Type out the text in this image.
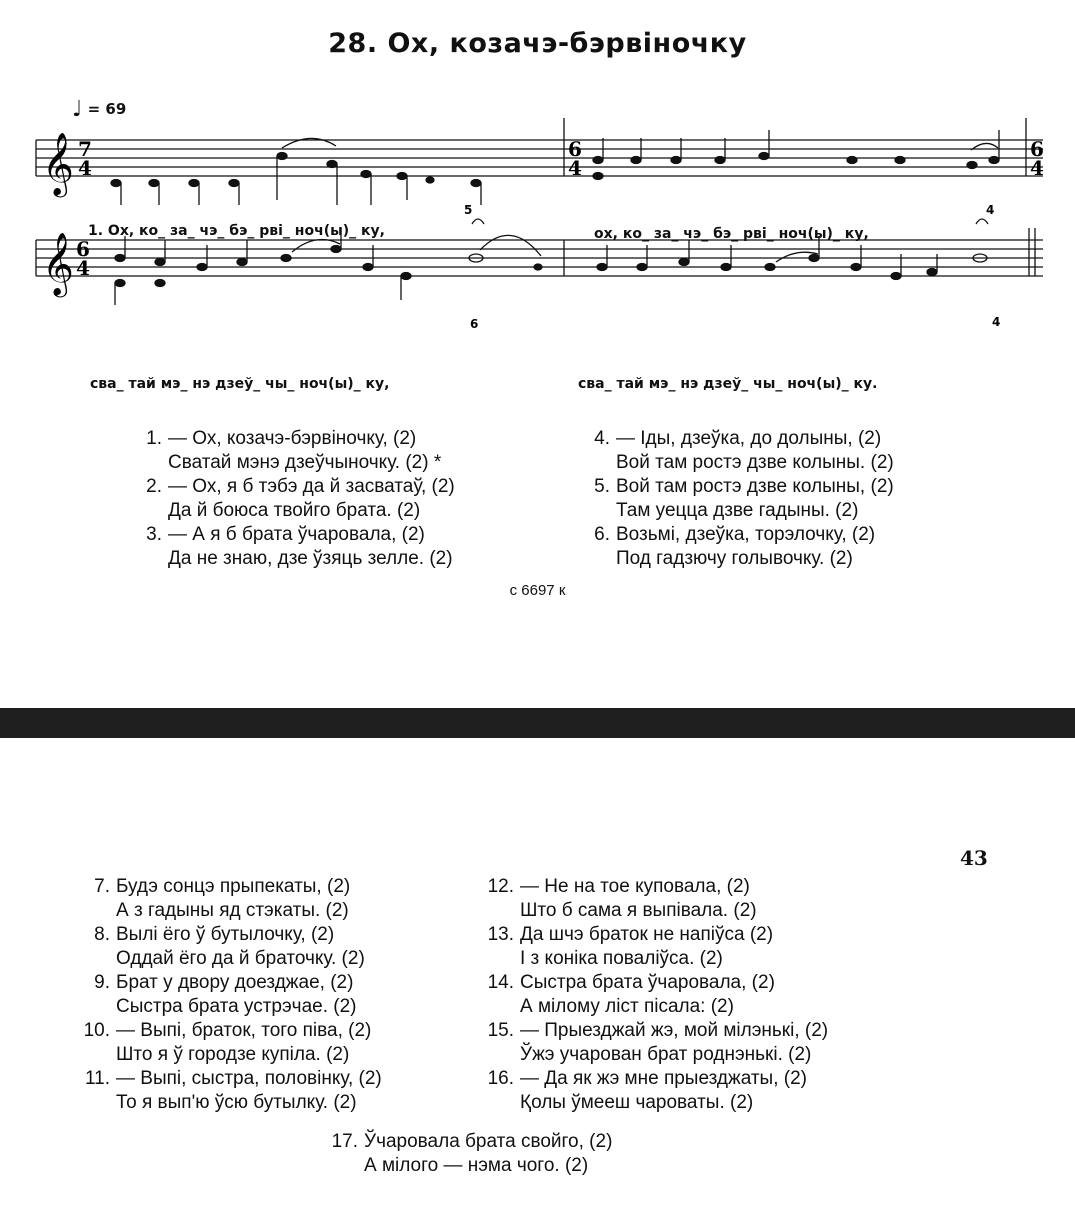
28. Ох, козачэ-бэрвіночку
♩ = 69
𝄞 7
4
6
4
6
4
1. Ох, ко_ за_ чэ_ бэ_ рві_ ноч(ы)_ ку,	ох, ко_ за_ чэ_ бэ_ рві_ ноч(ы)_ ку,
𝄞 6
4
5
6
4
4
сва_ тай мэ_ нэ дзеў_ чы_ ноч(ы)_ ку,	сва_ тай мэ_ нэ дзеў_ чы_ ноч(ы)_ ку.
1. — Ох, козачэ-бэрвіночку, (2)
Сватай мэнэ дзеўчыночку. (2) *
2. — Ох, я б тэбэ да й засватаў, (2)
Да й боюса твойго брата. (2)
3. — А я б брата ўчаровала, (2)
Да не знаю, дзе ўзяць зелле. (2)
4. — Іды, дзеўка, до долыны, (2)
Вой там ростэ дзве колыны. (2)
5. Вой там ростэ дзве колыны, (2)
Там уецца дзве гадыны. (2)
6. Возьмі, дзеўка, торэлочку, (2)
Под гадзючу голывочку. (2)
с 6697 к
43
7. Будэ сонцэ прыпекаты, (2)
А з гадыны яд стэкаты. (2)
8. Вылі ёго ў бутылочку, (2)
Оддай ёго да й браточку. (2)
9. Брат у двору доезджае, (2)
Сыстра брата устрэчае. (2)
10. — Выпі, браток, того піва, (2)
Што я ў городзе купіла. (2)
11. — Выпі, сыстра, половінку, (2)
То я вып'ю ўсю бутылку. (2)
12. — Не на тое куповала, (2)
Што б сама я выпівала. (2)
13. Да шчэ браток не напіўса (2)
І з коніка поваліўса. (2)
14. Сыстра брата ўчаровала, (2)
А мілому ліст пісала: (2)
15. — Прыезджай жэ, мой мілэнькі, (2)
Ўжэ учарован брат роднэнькі. (2)
16. — Да як жэ мне прыезджаты, (2)
Қолы ўмееш чароваты. (2)
17. Ўчаровала брата свойго, (2)
А мілого — нэма чого. (2)
